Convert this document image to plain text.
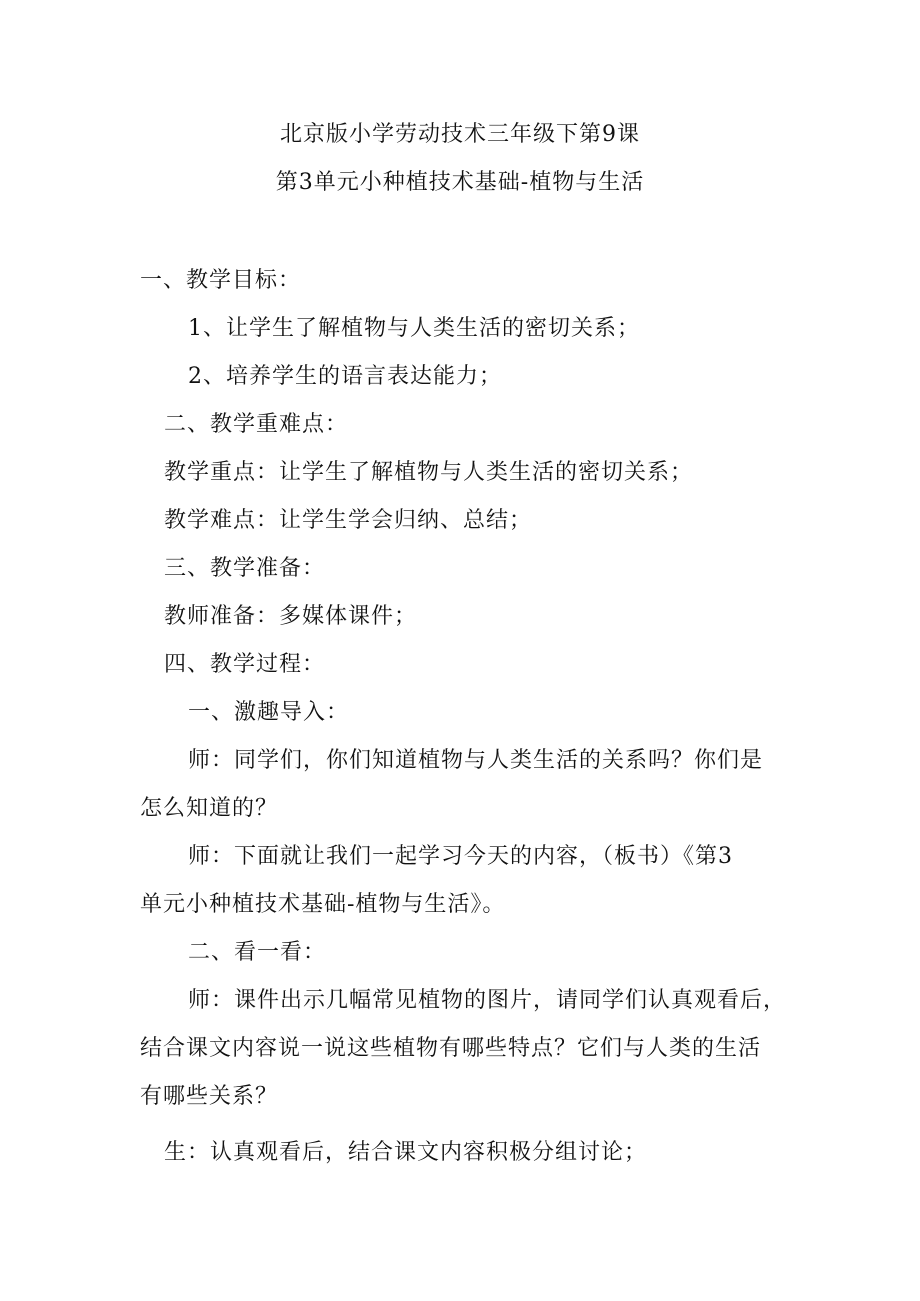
北京版小学劳动技术三年级下第9课
第3单元小种植技术基础-植物与生活
一、教学目标：
1、让学生了解植物与人类生活的密切关系；
2、培养学生的语言表达能力；
二、教学重难点：
教学重点：让学生了解植物与人类生活的密切关系；
教学难点：让学生学会归纳、总结；
三、教学准备：
教师准备：多媒体课件；
四、教学过程：
一、激趣导入：
师：同学们，你们知道植物与人类生活的关系吗？你们是
怎么知道的？
师：下面就让我们一起学习今天的内容，（板书）《第3
单元小种植技术基础-植物与生活》。
二、看一看：
师：课件出示几幅常见植物的图片，请同学们认真观看后，
结合课文内容说一说这些植物有哪些特点？它们与人类的生活
有哪些关系？
生：认真观看后，结合课文内容积极分组讨论；
